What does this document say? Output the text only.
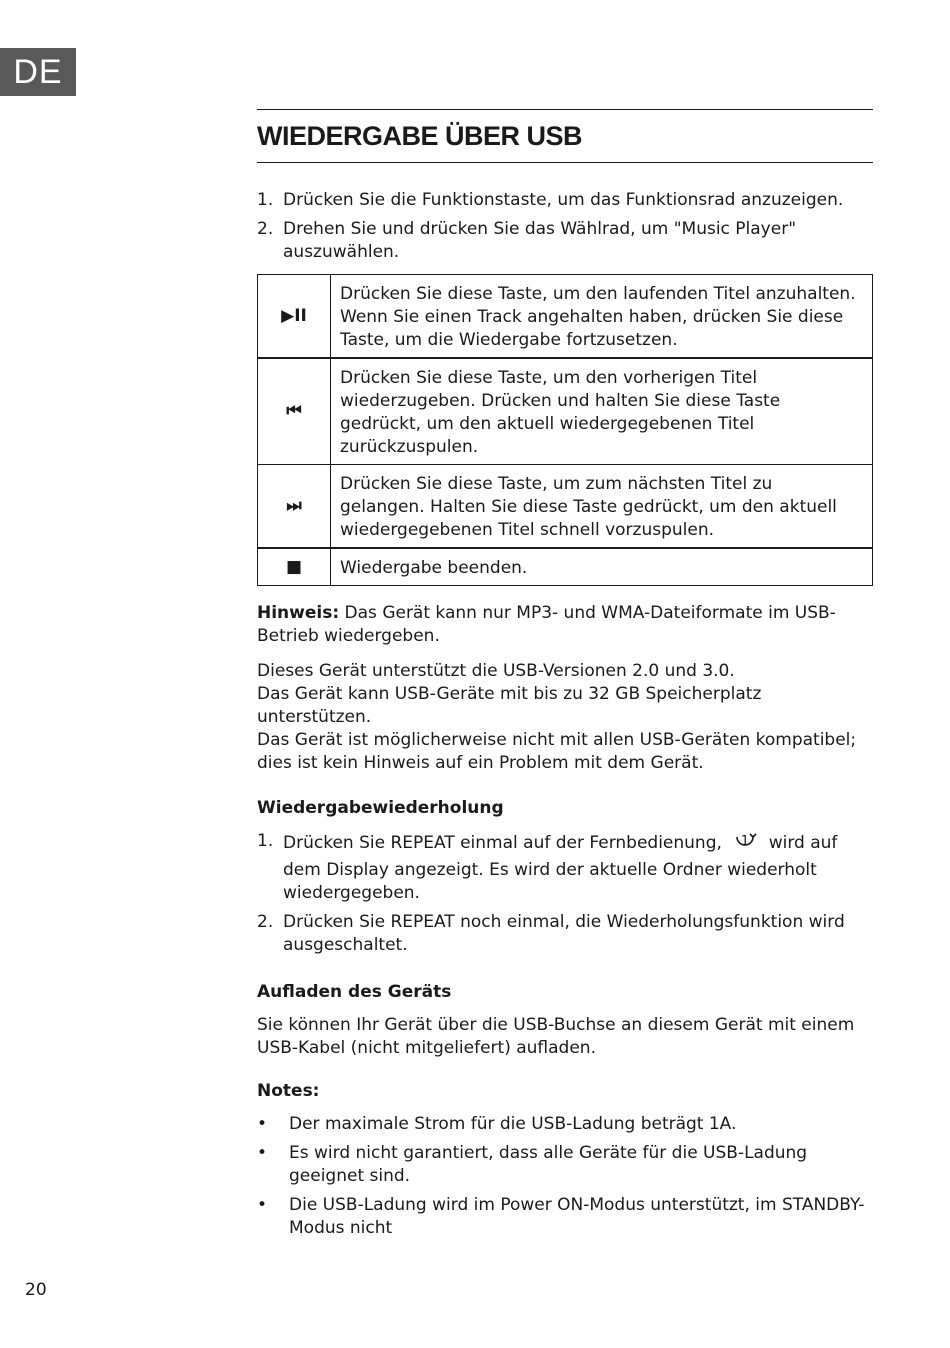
DE
WIEDERGABE ÜBER USB
1. Drücken Sie die Funktionstaste, um das Funktionsrad anzuzeigen.
2. Drehen Sie und drücken Sie das Wählrad, um "Music Player" auszuwählen.
▶II	Drücken Sie diese Taste, um den laufenden Titel anzuhalten. Wenn Sie einen Track angehalten haben, drücken Sie diese Taste, um die Wiedergabe fortzusetzen.
⏮	Drücken Sie diese Taste, um den vorherigen Titel wiederzugeben. Drücken und halten Sie diese Taste gedrückt, um den aktuell wiedergegebenen Titel zurückzuspulen.
⏭	Drücken Sie diese Taste, um zum nächsten Titel zu gelangen. Halten Sie diese Taste gedrückt, um den aktuell wiedergegebenen Titel schnell vorzuspulen.
■	Wiedergabe beenden.
Hinweis: Das Gerät kann nur MP3- und WMA-Dateiformate im USB-Betrieb wiedergeben.
Dieses Gerät unterstützt die USB-Versionen 2.0 und 3.0.
Das Gerät kann USB-Geräte mit bis zu 32 GB Speicherplatz unterstützen.
Das Gerät ist möglicherweise nicht mit allen USB-Geräten kompatibel; dies ist kein Hinweis auf ein Problem mit dem Gerät.
Wiedergabewiederholung
1. Drücken Sie REPEAT einmal auf der Fernbedienung, 1 wird auf dem Display angezeigt. Es wird der aktuelle Ordner wiederholt wiedergegeben.
2. Drücken Sie REPEAT noch einmal, die Wiederholungsfunktion wird ausgeschaltet.
Aufladen des Geräts
Sie können Ihr Gerät über die USB-Buchse an diesem Gerät mit einem USB-Kabel (nicht mitgeliefert) aufladen.
Notes:
• Der maximale Strom für die USB-Ladung beträgt 1A.
• Es wird nicht garantiert, dass alle Geräte für die USB-Ladung geeignet sind.
• Die USB-Ladung wird im Power ON-Modus unterstützt, im STANDBY-Modus nicht
20
